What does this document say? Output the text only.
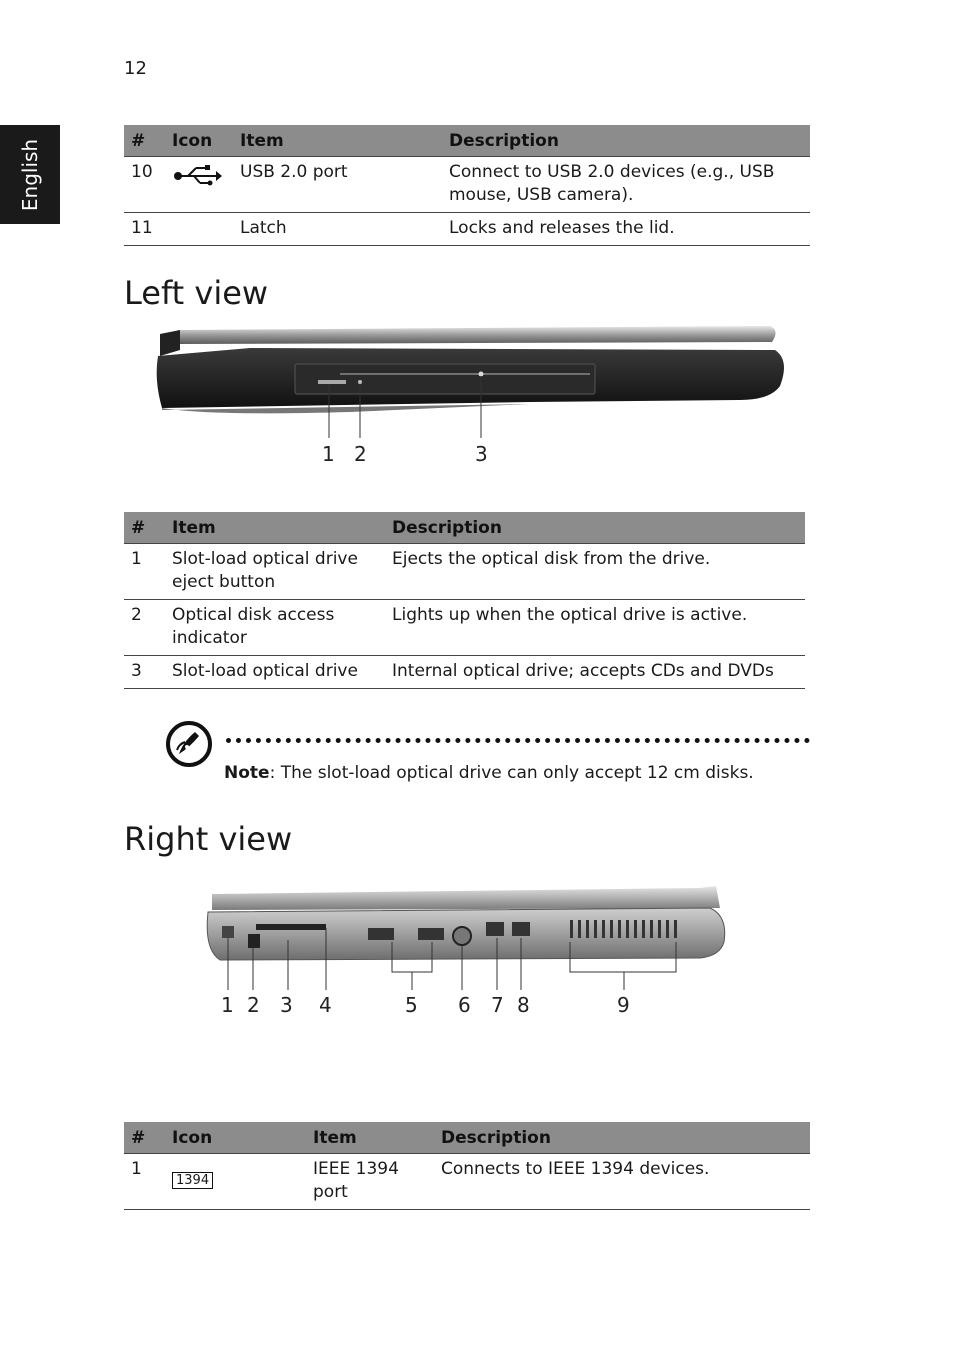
12
English	#	Icon	Item	Description
10		USB 2.0 port	Connect to USB 2.0 devices (e.g., USB mouse, USB camera).
11		Latch	Locks and releases the lid.
Left view
1 2	3
#	Item	Description
1	Slot-load optical drive eject button	Ejects the optical disk from the drive.
2	Optical disk access indicator	Lights up when the optical drive is active.
3	Slot-load optical drive	Internal optical drive; accepts CDs and DVDs
Note: The slot-load optical drive can only accept 12 cm disks.
Right view
1 2 3 4	5 6 7 8	9
#	Icon	Item	Description
1	1394	IEEE 1394 port	Connects to IEEE 1394 devices.
